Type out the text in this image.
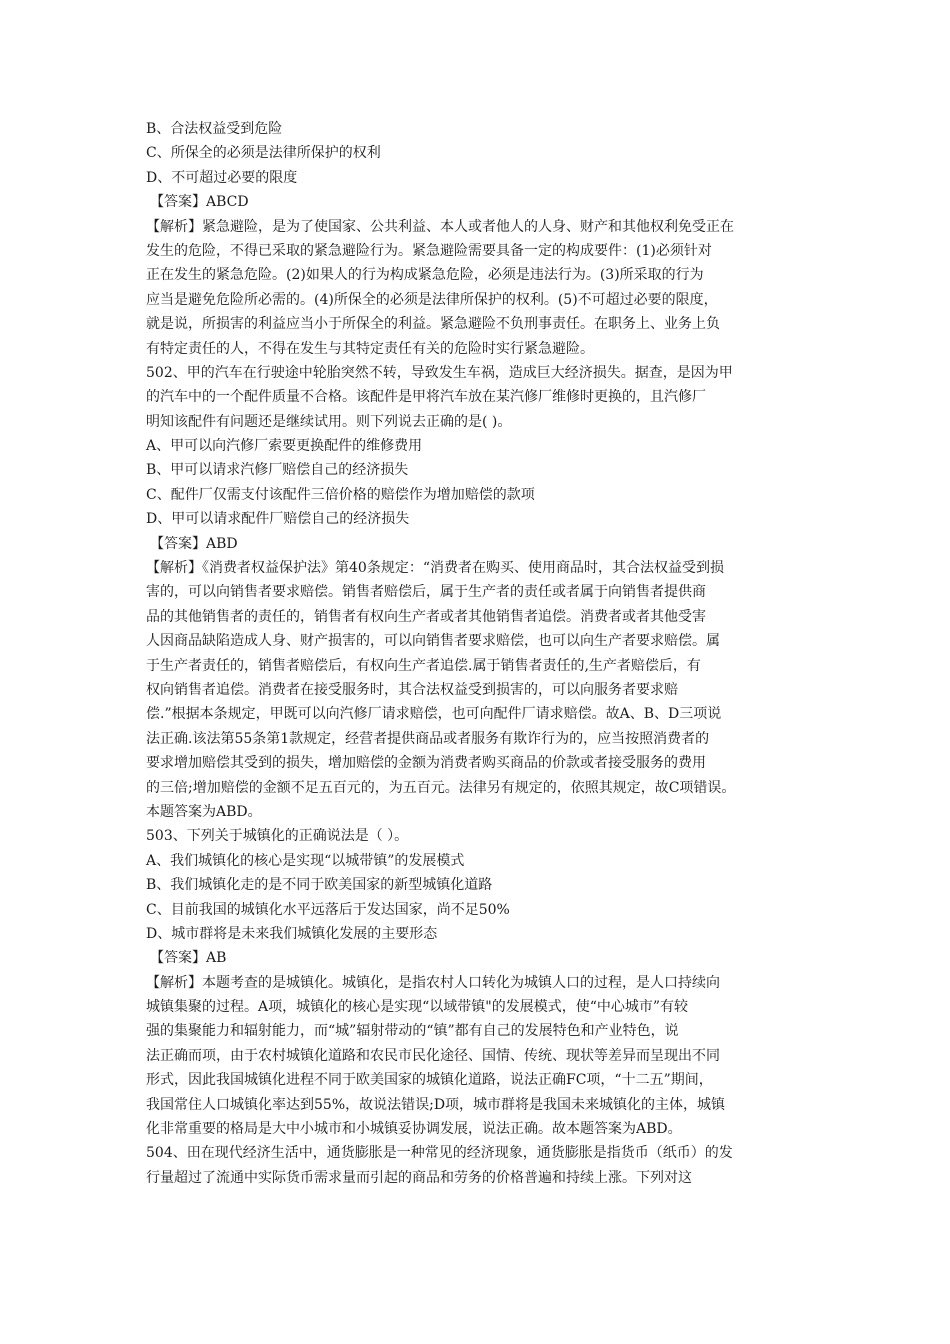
B、合法权益受到危险
C、所保全的必须是法律所保护的权利
D、不可超过必要的限度
【答案】ABCD
【解析】紧急避险，是为了使国家、公共利益、本人或者他人的人身、财产和其他权利免受正在
发生的危险，不得已采取的紧急避险行为。紧急避险需要具备一定的构成要件：(1)必须针对
正在发生的紧急危险。(2)如果人的行为构成紧急危险，必须是违法行为。(3)所采取的行为
应当是避免危险所必需的。(4)所保全的必须是法律所保护的权利。(5)不可超过必要的限度，
就是说，所损害的利益应当小于所保全的利益。紧急避险不负刑事责任。在职务上、业务上负
有特定责任的人，不得在发生与其特定责任有关的危险时实行紧急避险。
502、甲的汽车在行驶途中轮胎突然不转，导致发生车祸，造成巨大经济损失。据查，是因为甲
的汽车中的一个配件质量不合格。该配件是甲将汽车放在某汽修厂维修时更换的，且汽修厂
明知该配件有问题还是继续试用。则下列说去正确的是( )。
A、甲可以向汽修厂索要更换配件的维修费用
B、甲可以请求汽修厂赔偿自己的经济损失
C、配件厂仅需支付该配件三倍价格的赔偿作为增加赔偿的款项
D、甲可以请求配件厂赔偿自己的经济损失
【答案】ABD
【解析】《消费者权益保护法》第40条规定：“消费者在购买、使用商品时，其合法权益受到损
害的，可以向销售者要求赔偿。销售者赔偿后，属于生产者的责任或者属于向销售者提供商
品的其他销售者的责任的，销售者有权向生产者或者其他销售者追偿。消费者或者其他受害
人因商品缺陷造成人身、财产损害的，可以向销售者要求赔偿，也可以向生产者要求赔偿。属
于生产者责任的，销售者赔偿后，有权向生产者追偿.属于销售者责任的,生产者赔偿后，有
权向销售者追偿。消费者在接受服务时，其合法权益受到损害的，可以向服务者要求赔
偿.”根据本条规定，甲既可以向汽修厂请求赔偿，也可向配件厂请求赔偿。故A、B、D三项说
法正确.该法第55条第1款规定，经营者提供商品或者服务有欺诈行为的，应当按照消费者的
要求增加赔偿其受到的损失，增加赔偿的金额为消费者购买商品的价款或者接受服务的费用
的三倍;增加赔偿的金额不足五百元的，为五百元。法律另有规定的，依照其规定，故C项错误。
本题答案为ABD。
503、下列关于城镇化的正确说法是（ ）。
A、我们城镇化的核心是实现“以城带镇”的发展模式
B、我们城镇化走的是不同于欧美国家的新型城镇化道路
C、目前我国的城镇化水平远落后于发达国家，尚不足50%
D、城市群将是未来我们城镇化发展的主要形态
【答案】AB
【解析】本题考查的是城镇化。城镇化，是指农村人口转化为城镇人口的过程，是人口持续向
城镇集聚的过程。A项，城镇化的核心是实现“以域带镇"的发展模式，使“中心城市”有较
强的集聚能力和辐射能力，而“城”辐射带动的“镇”都有自己的发展特色和产业特色，说
法正确而项，由于农村城镇化道路和农民市民化途径、国情、传统、现状等差异而呈现出不同
形式，因此我国城镇化进程不同于欧美国家的城镇化道路，说法正确FC项，“十二五”期间，
我国常住人口城镇化率达到55%，故说法错误;D项，城市群将是我国未来城镇化的主体，城镇
化非常重要的格局是大中小城市和小城镇妥协调发展，说法正确。故本题答案为ABD。
504、田在现代经济生活中，通货膨胀是一种常见的经济现象，通货膨胀是指货币（纸币）的发
行量超过了流通中实际货币需求量而引起的商品和劳务的价格普遍和持续上涨。下列对这
